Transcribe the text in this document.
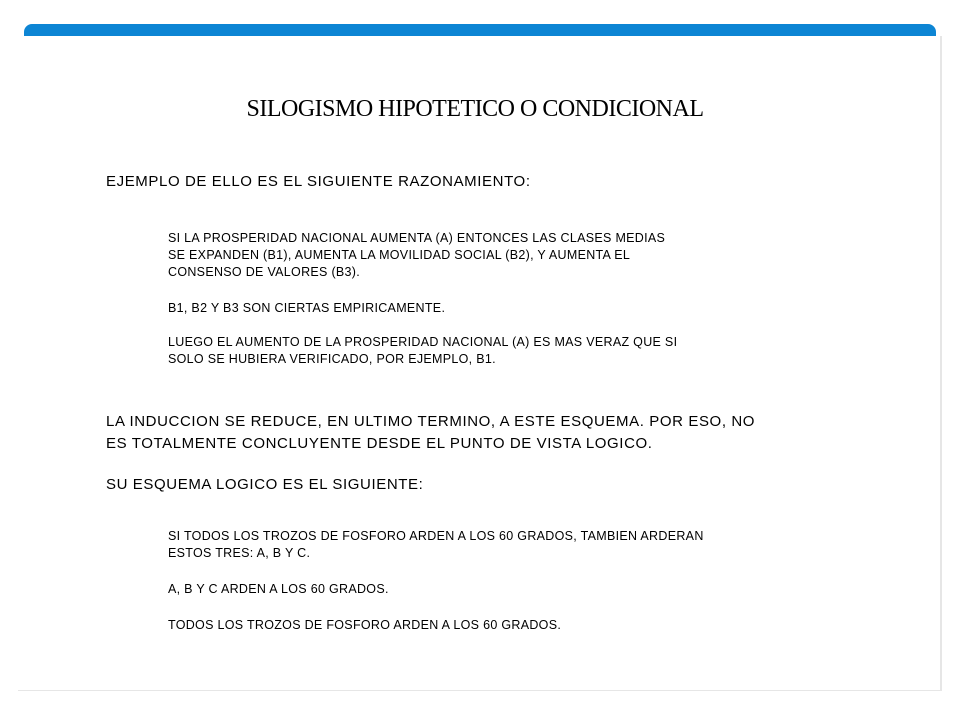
SILOGISMO HIPOTETICO O CONDICIONAL
EJEMPLO DE ELLO ES EL SIGUIENTE RAZONAMIENTO:
SI LA PROSPERIDAD NACIONAL AUMENTA (A) ENTONCES LAS CLASES MEDIAS
SE EXPANDEN (B1), AUMENTA LA MOVILIDAD SOCIAL (B2), Y AUMENTA EL
CONSENSO DE VALORES (B3).
B1, B2 Y B3 SON CIERTAS EMPIRICAMENTE.
LUEGO EL AUMENTO DE LA PROSPERIDAD NACIONAL (A) ES MAS VERAZ QUE SI
SOLO SE HUBIERA VERIFICADO, POR EJEMPLO, B1.
LA INDUCCION SE REDUCE, EN ULTIMO TERMINO, A ESTE ESQUEMA. POR ESO, NO
ES TOTALMENTE CONCLUYENTE DESDE EL PUNTO DE VISTA LOGICO.
SU ESQUEMA LOGICO ES EL SIGUIENTE:
SI TODOS LOS TROZOS DE FOSFORO ARDEN A LOS 60 GRADOS, TAMBIEN ARDERAN
ESTOS TRES: A, B Y C.
A, B Y C ARDEN A LOS 60 GRADOS.
TODOS LOS TROZOS DE FOSFORO ARDEN A LOS 60 GRADOS.
